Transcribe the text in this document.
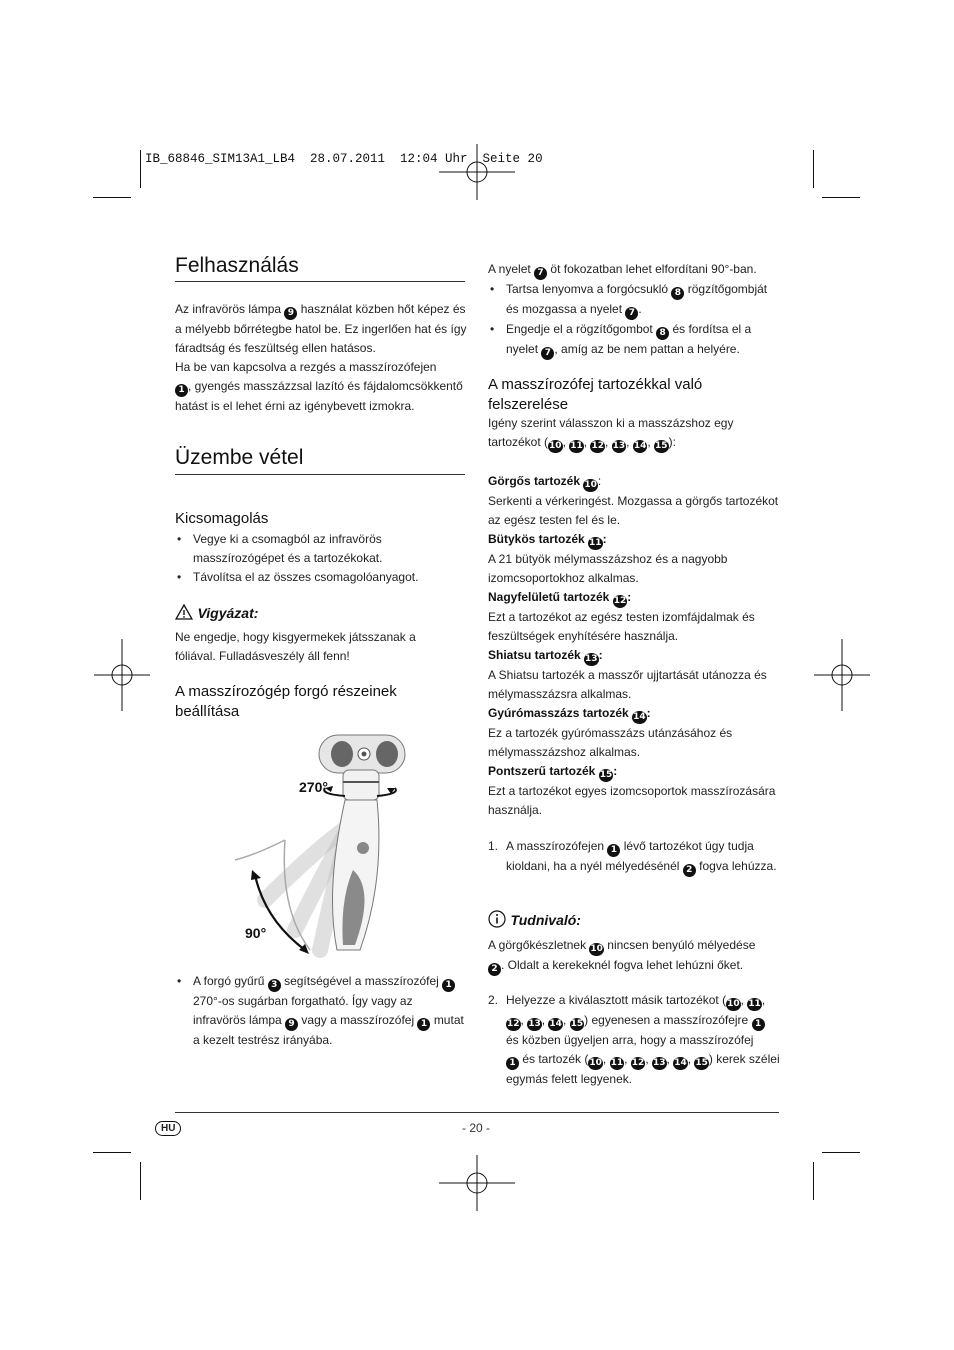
IB_68846_SIM13A1_LB4  28.07.2011  12:04 Uhr  Seite 20
Felhasználás
Az infravörös lámpa 9 használat közben hőt képez és a mélyebb bőrrétegbe hatol be. Ez ingerlően hat és így fáradtság és feszültség ellen hatásos.
Ha be van kapcsolva a rezgés a masszírozófejen
1 , gyengés masszázzsal lazító és fájdalomcsökkentő hatást is el lehet érni az igénybevett izmokra.
Üzembe vétel
Kicsomagolás
• Vegye ki a csomagból az infravörös masszírozógépet és a tartozékokat.
• Távolítsa el az összes csomagolóanyagot.
Vigyázat:
Ne engedje, hogy kisgyermekek játsszanak a fóliával. Fulladásveszély áll fenn!
A masszírozógép forgó részeinek beállítása
270°
90°
• A forgó gyűrű 3 segítségével a masszírozófej 1 270°-os sugárban forgatható. Így vagy az infravörös lámpa 9 vagy a masszírozófej 1 mutat a kezelt testrész irányába.
A nyelet 7 öt fokozatban lehet elfordítani 90°-ban.
• Tartsa lenyomva a forgócsukló 8 rögzítőgombját és mozgassa a nyelet 7 .
• Engedje el a rögzítőgombot 8 és fordítsa el a nyelet 7 , amíg az be nem pattan a helyére.
A masszírozófej tartozékkal való felszerelése
Igény szerint válasszon ki a masszázshoz egy tartozékot (10, 11, 12, 13, 14, 15):
Görgős tartozék 10:
Serkenti a vérkeringést. Mozgassa a görgős tartozékot az egész testen fel és le.
Bütykös tartozék 11:
A 21 bütyök mélymasszázshoz és a nagyobb izomcsoportokhoz alkalmas.
Nagyfelületű tartozék 12:
Ezt a tartozékot az egész testen izomfájdalmak és feszültségek enyhítésére használja.
Shiatsu tartozék 13:
A Shiatsu tartozék a masszőr ujjtartását utánozza és mélymasszázsra alkalmas.
Gyúrómasszázs tartozék 14:
Ez a tartozék gyúrómasszázs utánzásához és mélymasszázshoz alkalmas.
Pontszerű tartozék 15:
Ezt a tartozékot egyes izomcsoportok masszírozására használja.
1. A masszírozófejen 1 lévő tartozékot úgy tudja kioldani, ha a nyél mélyedésénél 2 fogva lehúzza.
Tudnivaló:
A görgőkészletnek 10 nincsen benyúló mélyedése
2 . Oldalt a kerekeknél fogva lehet lehúzni őket.
2. Helyezze a kiválasztott másik tartozékot (10, 11, 12, 13, 14, 15) egyenesen a masszírozófejre 1 és közben ügyeljen arra, hogy a masszírozófej
1 és tartozék (10, 11, 12, 13, 14, 15) kerek szélei egymás felett legyenek.
HU	- 20 -
